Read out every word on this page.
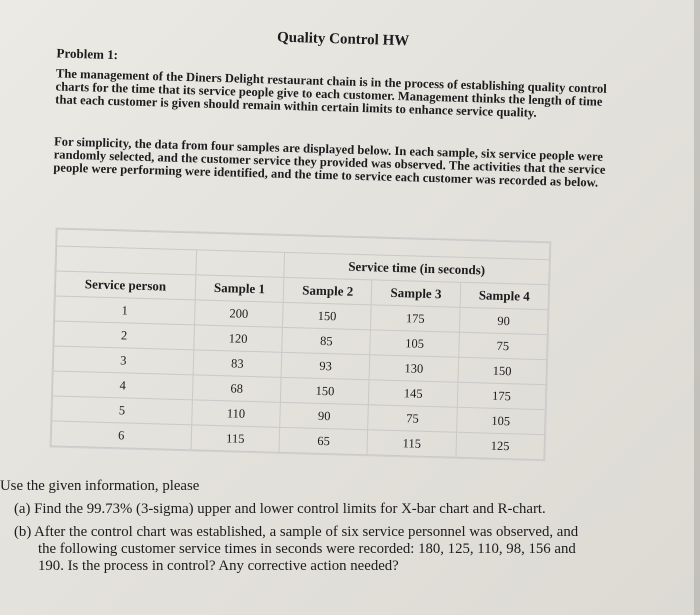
Quality Control HW
Problem 1:
The management of the Diners Delight restaurant chain is in the process of establishing quality control charts for the time that its service people give to each customer. Management thinks the length of time that each customer is given should remain within certain limits to enhance service quality.
For simplicity, the data from four samples are displayed below. In each sample, six service people were randomly selected, and the customer service they provided was observed. The activities that the service people were performing were identified, and the time to service each customer was recorded as below.

		Service time (in seconds)		
Service person	Sample 1	Sample 2	Sample 3	Sample 4
1	200	150	175	90
2	120	85	105	75
3	83	93	130	150
4	68	150	145	175
5	110	90	75	105
6	115	65	115	125
Use the given information, please
(a) Find the 99.73% (3-sigma) upper and lower control limits for X-bar chart and R-chart.
(b) After the control chart was established, a sample of six service personnel was observed, and
the following customer service times in seconds were recorded: 180, 125, 110, 98, 156 and
190. Is the process in control? Any corrective action needed?
